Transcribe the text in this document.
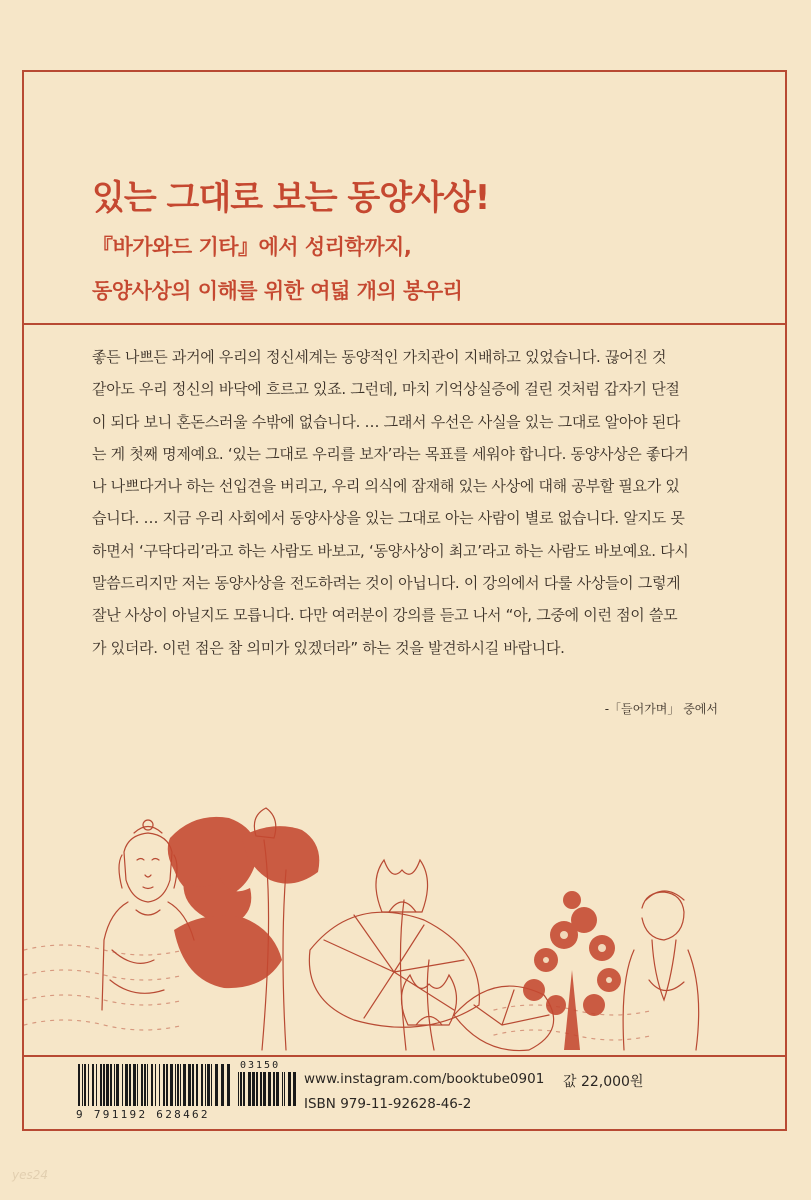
있는 그대로 보는 동양사상!
『바가와드 기타』에서 성리학까지,
동양사상의 이해를 위한 여덟 개의 봉우리
좋든 나쁘든 과거에 우리의 정신세계는 동양적인 가치관이 지배하고 있었습니다. 끊어진 것
같아도 우리 정신의 바닥에 흐르고 있죠. 그런데, 마치 기억상실증에 걸린 것처럼 갑자기 단절
이 되다 보니 혼돈스러울 수밖에 없습니다. … 그래서 우선은 사실을 있는 그대로 알아야 된다
는 게 첫째 명제예요. ‘있는 그대로 우리를 보자’라는 목표를 세워야 합니다. 동양사상은 좋다거
나 나쁘다거나 하는 선입견을 버리고, 우리 의식에 잠재해 있는 사상에 대해 공부할 필요가 있
습니다. … 지금 우리 사회에서 동양사상을 있는 그대로 아는 사람이 별로 없습니다. 알지도 못
하면서 ‘구닥다리’라고 하는 사람도 바보고, ‘동양사상이 최고’라고 하는 사람도 바보예요. 다시
말씀드리지만 저는 동양사상을 전도하려는 것이 아닙니다. 이 강의에서 다룰 사상들이 그렇게
잘난 사상이 아닐지도 모릅니다. 다만 여러분이 강의를 듣고 나서 “아, 그중에 이런 점이 쓸모
가 있더라. 이런 점은 참 의미가 있겠더라” 하는 것을 발견하시길 바랍니다.
-「들어가며」 중에서
9 791192 628462
03150
www.instagram.com/booktube0901
ISBN 979-11-92628-46-2
값 22,000원
yes24
